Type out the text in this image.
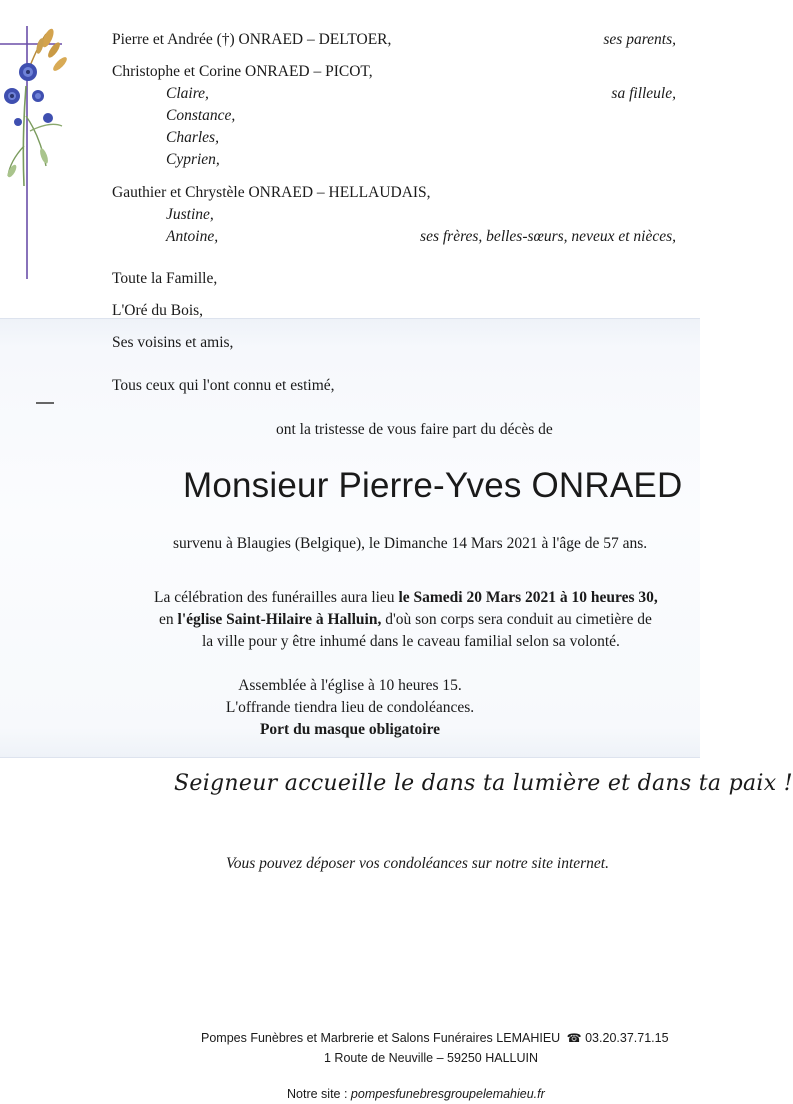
Pierre et Andrée (†) ONRAED – DELTOER,	ses parents,
Christophe et Corine ONRAED – PICOT,
Claire,	sa filleule,
Constance,
Charles,
Cyprien,
Gauthier et Chrystèle ONRAED – HELLAUDAIS,
Justine,
Antoine,	ses frères, belles-sœurs, neveux et nièces,
Toute la Famille,
L'Oré du Bois,
Ses voisins et amis,
Tous ceux qui l'ont connu et estimé,
ont la tristesse de vous faire part du décès de
Monsieur Pierre-Yves ONRAED
survenu à Blaugies (Belgique), le Dimanche 14 Mars 2021 à l'âge de 57 ans.
La célébration des funérailles aura lieu le Samedi 20 Mars 2021 à 10 heures 30,
en l'église Saint-Hilaire à Halluin, d'où son corps sera conduit au cimetière de
la ville pour y être inhumé dans le caveau familial selon sa volonté.
Assemblée à l'église à 10 heures 15.
L'offrande tiendra lieu de condoléances.
Port du masque obligatoire
Seigneur accueille le dans ta lumière et dans ta paix !
Vous pouvez déposer vos condoléances sur notre site internet.
Pompes Funèbres et Marbrerie et Salons Funéraires LEMAHIEU ☎ 03.20.37.71.15
1 Route de Neuville – 59250 HALLUIN
Notre site : pompesfunebresgroupelemahieu.fr
